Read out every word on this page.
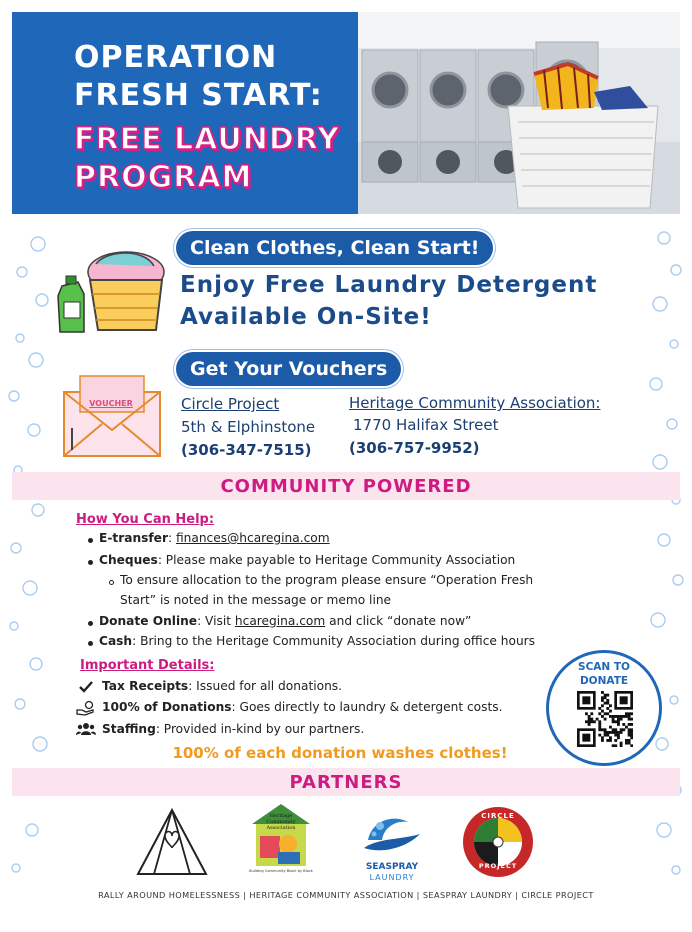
OPERATION
FRESH START:
FREE LAUNDRY
PROGRAM
Clean Clothes, Clean Start!
Enjoy Free Laundry Detergent
Available On-Site!
Get Your Vouchers
VOUCHER	Circle Project
5th & Elphinstone
(306-347-7515)
Heritage Community Association:
1770 Halifax Street
(306-757-9952)
COMMUNITY POWERED
How You Can Help:
E-transfer: finances@hcaregina.com
Cheques: Please make payable to Heritage Community Association
To ensure allocation to the program please ensure “Operation Fresh
Start” is noted in the message or memo line
Donate Online: Visit hcaregina.com and click “donate now”
Cash: Bring to the Heritage Community Association during office hours
Important Details:
Tax Receipts: Issued for all donations.
100% of Donations: Goes directly to laundry & detergent costs.
Staffing: Provided in-kind by our partners.
100% of each donation washes clothes!
SCAN TO
DONATE
PARTNERS
Heritage
Community
Association
Building Community Block by Block	SEASPRAY
LAUNDRY
CIRCLE
PROJECT
RALLY AROUND HOMELESSNESS | HERITAGE COMMUNITY ASSOCIATION | SEASPRAY LAUNDRY | CIRCLE PROJECT
